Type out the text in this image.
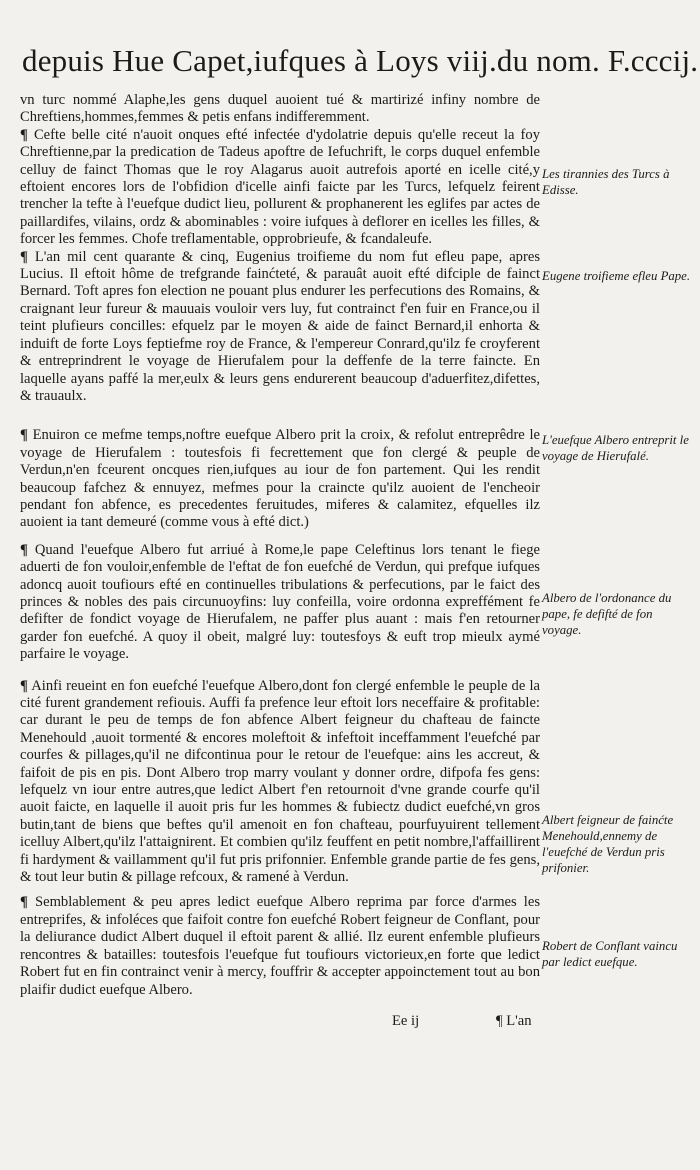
depuis Hue Capet,iufques à Loys viij.du nom. F.cccij.

vn turc nommé Alaphe,les gens duquel auoient tué & martirizé infiny nombre de Chreftiens,hommes,femmes & petis enfans indifferemment.

¶ Cefte belle cité n'auoit onques efté infectée d'ydolatrie depuis qu'elle receut la foy Chreftienne,par la predication de Tadeus apoftre de Iefuchrift, le corps duquel enfemble celluy de fainct Thomas que le roy Alagarus auoit autrefois aporté en icelle cité,y eftoient encores lors de l'obfidion d'icelle ainfi faicte par les Turcs, lefquelz feirent trencher la tefte à l'euefque dudict lieu, pollurent & prophanerent les eglifes par actes de paillardifes, vilains, ordz & abominables : voire iufques à deflorer en icelles les filles, & forcer les femmes. Chofe treflamentable, opprobrieufe, & fcandaleufe.

¶ L'an mil cent quarante & cinq, Eugenius troifieme du nom fut efleu pape, apres Lucius. Il eftoit hôme de trefgrande fainćteté, & parauât auoit efté difciple de fainct Bernard. Toft apres fon election ne pouant plus endurer les perfecutions des Romains, & craignant leur fureur & mauuais vouloir vers luy, fut contrainct f'en fuir en France,ou il teint plufieurs concilles: efquelz par le moyen & aide de fainct Bernard,il enhorta & induift de forte Loys feptiefme roy de France, & l'empereur Conrard,qu'ilz fe croyferent & entreprindrent le voyage de Hierufalem pour la deffenfe de la terre faincte. En laquelle ayans paffé la mer,eulx & leurs gens endurerent beaucoup d'aduerfitez,difettes, & trauaulx.

¶ Enuiron ce mefme temps,noftre euefque Albero prit la croix, & refolut entreprêdre le voyage de Hierufalem : toutesfois fi fecrettement que fon clergé & peuple de Verdun,n'en fceurent oncques rien,iufques au iour de fon partement. Qui les rendit beaucoup fafchez & ennuyez, mefmes pour la craincte qu'ilz auoient de l'encheoir pendant fon abfence, es precedentes feruitudes, miferes & calamitez, efquelles ilz auoient ia tant demeuré (comme vous à efté dict.)

¶ Quand l'euefque Albero fut arriué à Rome,le pape Celeftinus lors tenant le fiege aduerti de fon vouloir,enfemble de l'eftat de fon euefché de Verdun, qui prefque iufques adoncq auoit toufiours efté en continuelles tribulations & perfecutions, par le faict des princes & nobles des pais circunuoyfins: luy confeilla, voire ordonna expreffément fe defifter de fondict voyage de Hierufalem, ne paffer plus auant : mais f'en retourner garder fon euefché. A quoy il obeit, malgré luy: toutesfoys & euft trop mieulx aymé parfaire le voyage.

¶ Ainfi reueint en fon euefché l'euefque Albero,dont fon clergé enfemble le peuple de la cité furent grandement refiouis. Auffi fa prefence leur eftoit lors neceffaire & profitable: car durant le peu de temps de fon abfence Albert feigneur du chafteau de faincte Menehould ,auoit tormenté & encores moleftoit & infeftoit inceffamment l'euefché par courfes & pillages,qu'il ne difcontinua pour le retour de l'euefque: ains les accreut, & faifoit de pis en pis. Dont Albero trop marry voulant y donner ordre, difpofa fes gens: lefquelz vn iour entre autres,que ledict Albert f'en retournoit d'vne grande courfe qu'il auoit faicte, en laquelle il auoit pris fur les hommes & fubiectz dudict euefché,vn gros butin,tant de biens que beftes qu'il amenoit en fon chafteau, pourfuyuirent tellement icelluy Albert,qu'ilz l'attaignirent. Et combien qu'ilz feuffent en petit nombre,l'affaillirent fi hardyment & vaillamment qu'il fut pris prifonnier. Enfemble grande partie de fes gens, & tout leur butin & pillage refcoux, & ramené à Verdun.

¶ Semblablement & peu apres ledict euefque Albero reprima par force d'armes les entreprifes, & infoléces que faifoit contre fon euefché Robert feigneur de Conflant, pour la deliurance dudict Albert duquel il eftoit parent & allié. Ilz eurent enfemble plufieurs rencontres & batailles: toutesfois l'euefque fut toufiours victorieux,en forte que ledict Robert fut en fin contrainct venir à mercy, fouffrir & accepter appoinctement tout au bon plaifir dudict euefque Albero.

Les tirannies des Turcs à Edisse.
Eugene troifieme efleu Pape.
L'euefque Albero entreprit le voyage de Hierufalé.
Albero de l'ordonance du pape, fe defifté de fon voyage.
Albert feigneur de fainćte Menehould,ennemy de l'euefché de Verdun pris prifonier.
Robert de Conflant vaincu par ledict euefque.
Ee ij	¶ L'an
